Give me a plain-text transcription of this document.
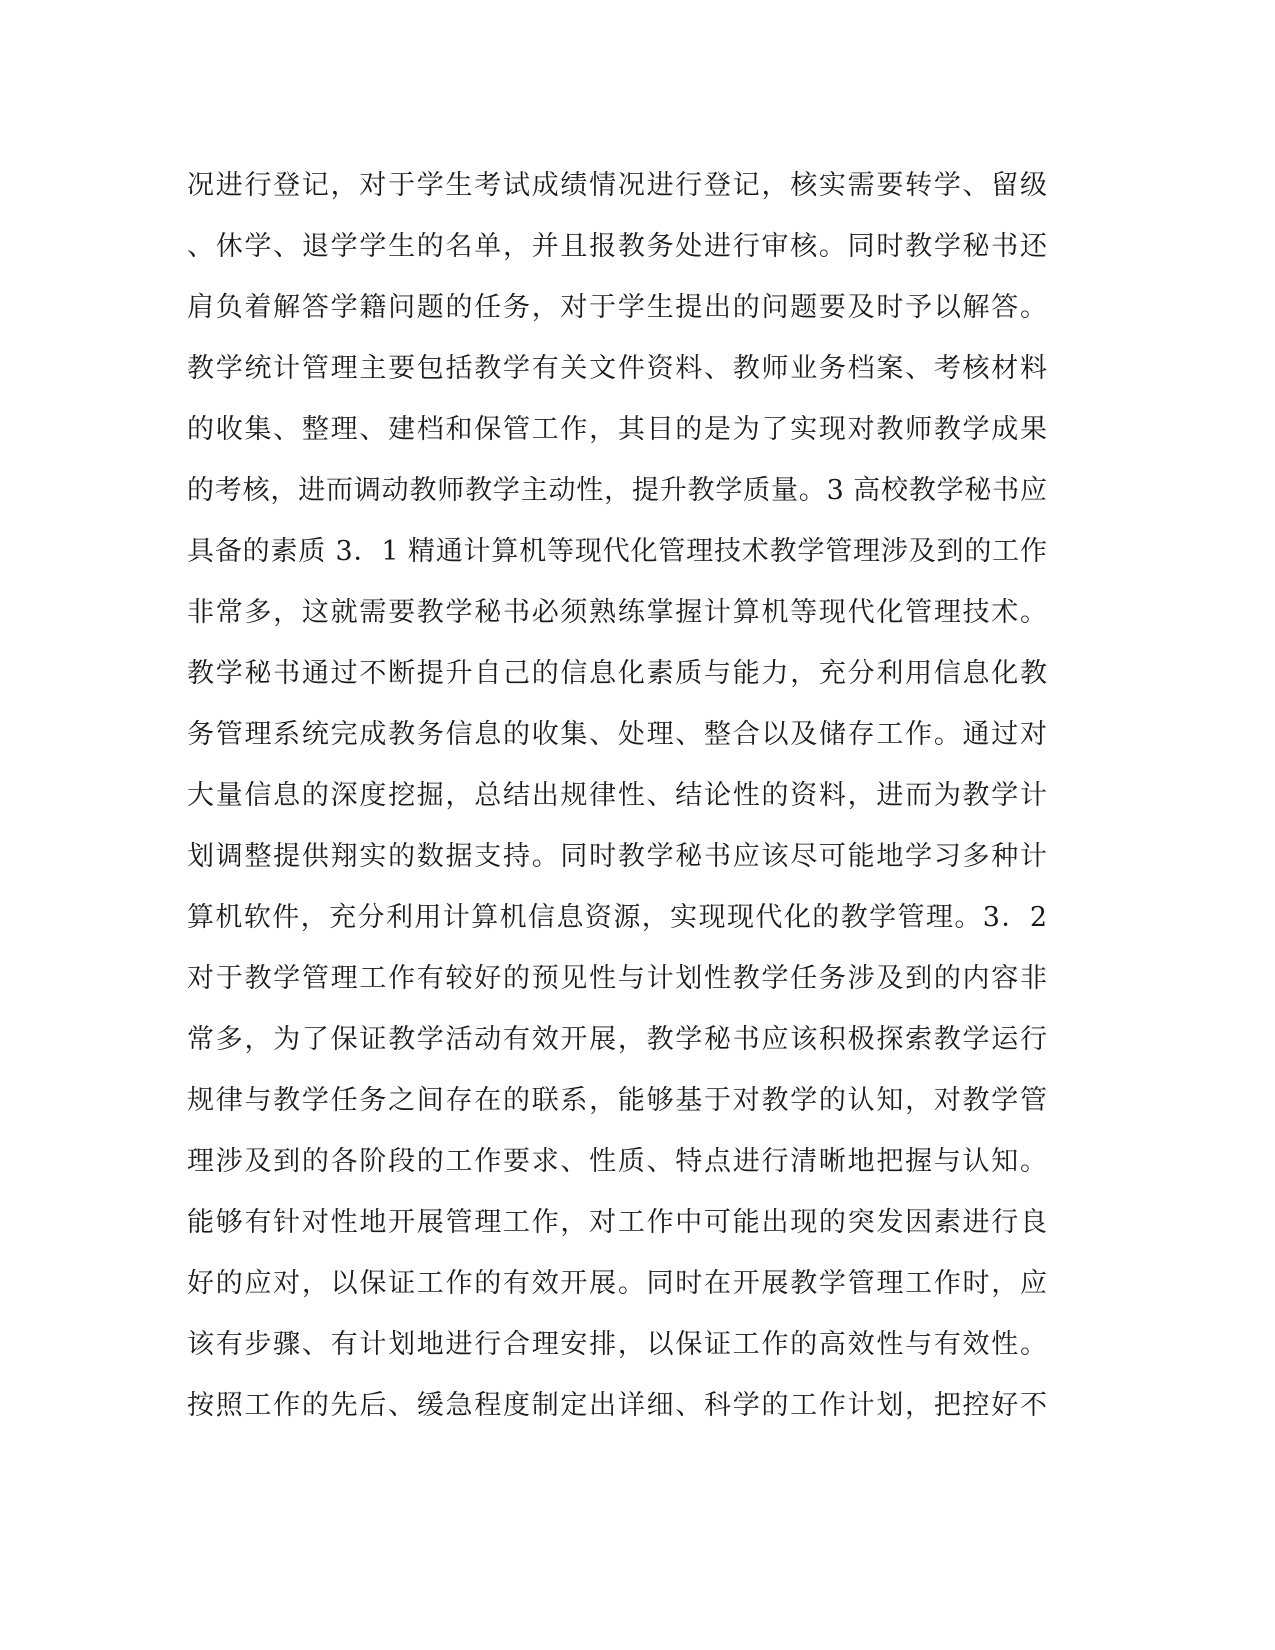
况进行登记，对于学生考试成绩情况进行登记，核实需要转学、留级
、休学、退学学生的名单，并且报教务处进行审核。同时教学秘书还
肩负着解答学籍问题的任务，对于学生提出的问题要及时予以解答。
教学统计管理主要包括教学有关文件资料、教师业务档案、考核材料
的收集、整理、建档和保管工作，其目的是为了实现对教师教学成果
的考核，进而调动教师教学主动性，提升教学质量。3 高校教学秘书应
具备的素质 3．1 精通计算机等现代化管理技术教学管理涉及到的工作
非常多，这就需要教学秘书必须熟练掌握计算机等现代化管理技术。
教学秘书通过不断提升自己的信息化素质与能力，充分利用信息化教
务管理系统完成教务信息的收集、处理、整合以及储存工作。通过对
大量信息的深度挖掘，总结出规律性、结论性的资料，进而为教学计
划调整提供翔实的数据支持。同时教学秘书应该尽可能地学习多种计
算机软件，充分利用计算机信息资源，实现现代化的教学管理。3．2
对于教学管理工作有较好的预见性与计划性教学任务涉及到的内容非
常多，为了保证教学活动有效开展，教学秘书应该积极探索教学运行
规律与教学任务之间存在的联系，能够基于对教学的认知，对教学管
理涉及到的各阶段的工作要求、性质、特点进行清晰地把握与认知。
能够有针对性地开展管理工作，对工作中可能出现的突发因素进行良
好的应对，以保证工作的有效开展。同时在开展教学管理工作时，应
该有步骤、有计划地进行合理安排，以保证工作的高效性与有效性。
按照工作的先后、缓急程度制定出详细、科学的工作计划，把控好不
